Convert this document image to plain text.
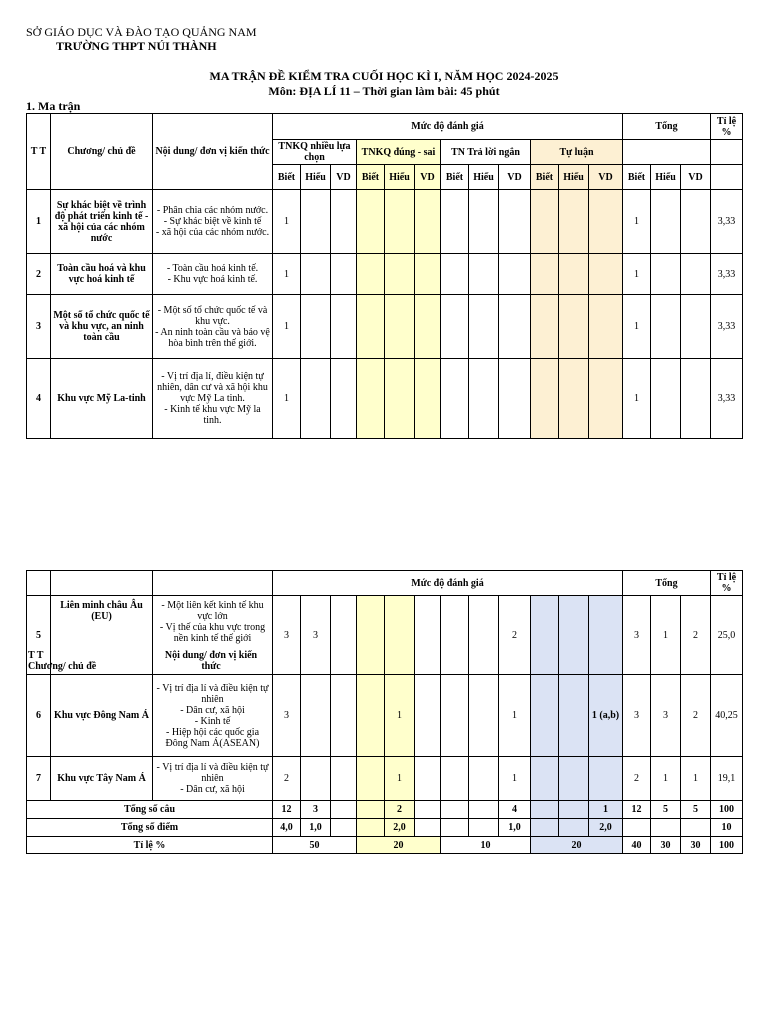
SỞ GIÁO DỤC VÀ ĐÀO TẠO QUẢNG NAM
TRƯỜNG THPT NÚI THÀNH
MA TRẬN ĐỀ KIỂM TRA CUỐI HỌC KÌ I, NĂM HỌC 2024-2025
Môn: ĐỊA LÍ 11 – Thời gian làm bài: 45 phút
1. Ma trận
T T	Chương/ chủ đề	Nội dung/ đơn vị kiến thức	Mức độ đánh giá												Tổng			Tỉ lệ %
			TNKQ nhiều lựa chọn			TNKQ đúng - sai			TN Trả lời ngắn			Tự luận						
			Biết	Hiểu	VD	Biết	Hiểu	VD	Biết	Hiểu	VD	Biết	Hiểu	VD	Biết	Hiểu	VD	
1	Sự khác biệt về trình độ phát triển kinh tế - xã hội của các nhóm nước	- Phân chia các nhóm nước.
- Sự khác biệt về kinh tế
- xã hội của các nhóm nước.	1												1			3,33
2	Toàn cầu hoá và khu vực hoá kinh tế	- Toàn cầu hoá kinh tế.
- Khu vực hoá kinh tế.	1												1			3,33
3	Một số tổ chức quốc tế và khu vực, an ninh toàn cầu	- Một số tổ chức quốc tế và khu vực.
- An ninh toàn cầu và bảo vệ hòa bình trên thế giới.	1												1			3,33
4	Khu vực Mỹ La-tinh	- Vị trí địa lí, điều kiện tự nhiên, dân cư và xã hội khu vực Mỹ La tinh.
- Kinh tế khu vực Mỹ la tinh.	1												1			3,33
			Mức độ đánh giá												Tổng			Tỉ lệ %
5	Liên minh châu Âu (EU)	- Một liên kết kinh tế khu vực lớn
- Vị thế của khu vực trong nền kinh tế thế giới	3	3							2				3	1	2	25,0
6	Khu vực Đông Nam Á	- Vị trí địa lí và điều kiện tự nhiên
- Dân cư, xã hội
- Kinh tế
- Hiệp hội các quốc gia Đông Nam Á(ASEAN)	3				1				1			1 (a,b)	3	3	2	40,25
7	Khu vực Tây Nam Á	- Vị trí địa lí và điều kiện tự nhiên
- Dân cư, xã hội	2				1				1				2	1	1	19,1
Tổng số câu			12	3			2				4			1	12	5	5	100
Tổng số điểm			4,0	1,0			2,0				1,0			2,0				10
Tỉ lệ %			50			20			10			20			40	30	30	100
T T
Chương/ chủ đề
Nội dung/ đơn vị kiến thức
